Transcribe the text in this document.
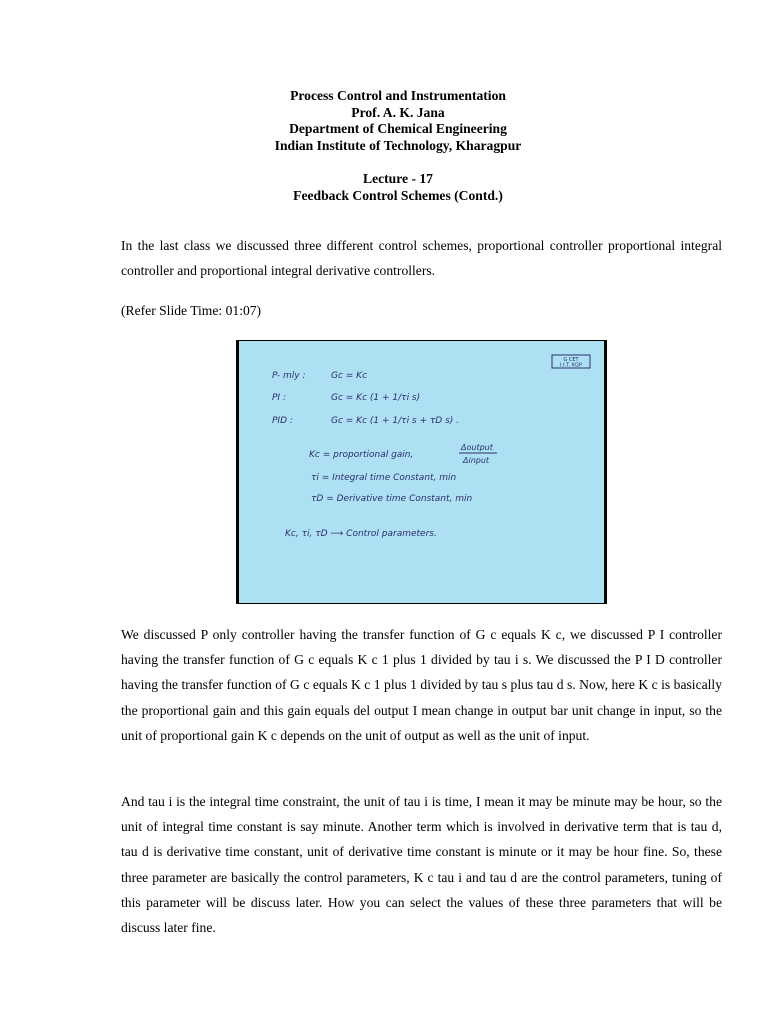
Process Control and Instrumentation
Prof. A. K. Jana
Department of Chemical Engineering
Indian Institute of Technology, Kharagpur
Lecture - 17
Feedback Control Schemes (Contd.)

In the last class we discussed three different control schemes, proportional controller proportional integral controller and proportional integral derivative controllers.

(Refer Slide Time: 01:07)

G CET
I.I.T. KGP
P- mly :	Gc = Kc
PI :	Gc = Kc (1 + 1/τi s)
PID :	Gc = Kc (1 + 1/τi s + τD s) .
Kc = proportional gain,
Δoutput
Δinput
τi = Integral time Constant, min
τD = Derivative time Constant, min
Kc, τi, τD ⟶ Control parameters.

We discussed P only controller having the transfer function of G c equals K c, we discussed P I controller having the transfer function of G c equals K c 1 plus 1 divided by tau i s. We discussed the P I D controller having the transfer function of G c equals K c 1 plus 1 divided by tau s plus tau d s. Now, here K c is basically the proportional gain and this gain equals del output I mean change in output bar unit change in input, so the unit of proportional gain K c depends on the unit of output as well as the unit of input.

And tau i is the integral time constraint, the unit of tau i is time, I mean it may be minute may be hour, so the unit of integral time constant is say minute. Another term which is involved in derivative term that is tau d, tau d is derivative time constant, unit of derivative time constant is minute or it may be hour fine. So, these three parameter are basically the control parameters, K c tau i and tau d are the control parameters, tuning of this parameter will be discuss later. How you can select the values of these three parameters that will be discuss later fine.
